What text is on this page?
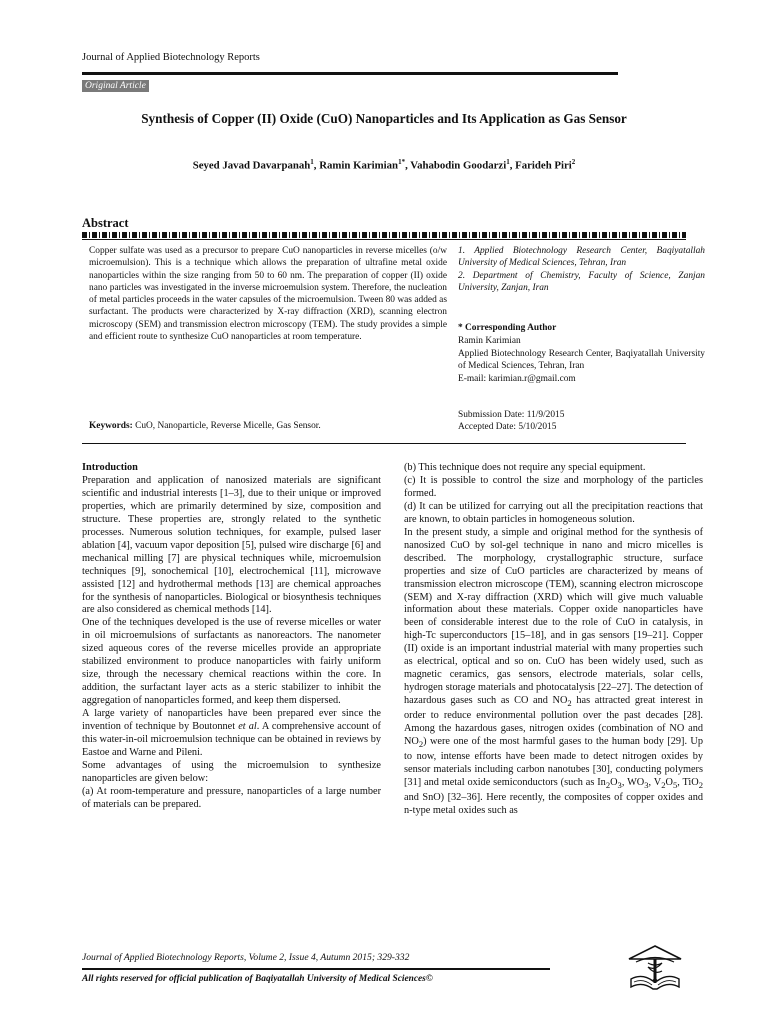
Journal of Applied Biotechnology Reports
Original Article
Synthesis of Copper (II) Oxide (CuO) Nanoparticles and Its Application as Gas Sensor
Seyed Javad Davarpanah$^1$, Ramin Karimian$^{1*}$, Vahabodin Goodarzi$^1$, Farideh Piri$^2$
Abstract
Copper sulfate was used as a precursor to prepare CuO nanoparticles in reverse micelles (o/w microemulsion). This is a technique which allows the preparation of ultrafine metal oxide nanoparticles within the size ranging from 50 to 60 nm. The preparation of copper (II) oxide nano particles was investigated in the inverse microemulsion system. Therefore, the nucleation of metal particles proceeds in the water capsules of the microemulsion. Tween 80 was added as surfactant. The products were characterized by X-ray diffraction (XRD), scanning electron microscopy (SEM) and transmission electron microscopy (TEM). The study provides a simple and efficient route to synthesize CuO nanoparticles at room temperature.
Keywords: CuO, Nanoparticle, Reverse Micelle, Gas Sensor.
1. Applied Biotechnology Research Center, Baqiyatallah University of Medical Sciences, Tehran, Iran
2. Department of Chemistry, Faculty of Science, Zanjan University, Zanjan, Iran
* Corresponding Author
Ramin Karimian
Applied Biotechnology Research Center, Baqiyatallah University of Medical Sciences, Tehran, Iran
E-mail: karimian.r@gmail.com
Submission Date: 11/9/2015
Accepted Date: 5/10/2015

Introduction

Preparation and application of nanosized materials are significant scientific and industrial interests [1–3], due to their unique or improved properties, which are primarily determined by size, composition and structure. These properties are, strongly related to the synthetic processes. Numerous solution techniques, for example, pulsed laser ablation [4], vacuum vapor deposition [5], pulsed wire discharge [6] and mechanical milling [7] are physical techniques while, microemulsion techniques [9], sonochemical [10], electrochemical [11], microwave assisted [12] and hydrothermal methods [13] are chemical approaches for the synthesis of nanoparticles. Biological or biosynthesis techniques are also considered as chemical methods [14].

One of the techniques developed is the use of reverse micelles or water in oil microemulsions of surfactants as nanoreactors. The nanometer sized aqueous cores of the reverse micelles provide an appropriate stabilized environment to produce nanoparticles with fairly uniform size, through the necessary chemical reactions within the core. In addition, the surfactant layer acts as a steric stabilizer to inhibit the aggregation of nanoparticles formed, and keep them dispersed.

A large variety of nanoparticles have been prepared ever since the invention of technique by Boutonnet et al. A comprehensive account of this water-in-oil microemulsion technique can be obtained in reviews by Eastoe and Warne and Pileni.

Some advantages of using the microemulsion to synthesize nanoparticles are given below:

(a) At room-temperature and pressure, nanoparticles of a large number of materials can be prepared.

(b) This technique does not require any special equipment.

(c) It is possible to control the size and morphology of the particles formed.

(d) It can be utilized for carrying out all the precipitation reactions that are known, to obtain particles in homogeneous solution.

In the present study, a simple and original method for the synthesis of nanosized CuO by sol-gel technique in nano and micro micelles is described. The morphology, crystallographic structure, surface properties and size of CuO particles are characterized by means of transmission electron microscope (TEM), scanning electron microscope (SEM) and X-ray diffraction (XRD) which will give much valuable information about these materials. Copper oxide nanoparticles have been of considerable interest due to the role of CuO in catalysis, in high-Tc superconductors [15–18], and in gas sensors [19–21]. Copper (II) oxide is an important industrial material with many properties such as electrical, optical and so on. CuO has been widely used, such as magnetic ceramics, gas sensors, electrode materials, solar cells, hydrogen storage materials and photocatalysis [22–27]. The detection of hazardous gases such as CO and $NO_2$ has attracted great interest in order to reduce environmental pollution over the past decades [28]. Among the hazardous gases, nitrogen oxides (combination of NO and $NO_2$) were one of the most harmful gases to the human body [29]. Up to now, intense efforts have been made to detect nitrogen oxides by sensor materials including carbon nanotubes [30], conducting polymers [31] and metal oxide semiconductors (such as $In_2O_3$, $WO_3$, $V_2O_5$, TiO$_2$ and SnO) [32–36]. Here recently, the composites of copper oxides and n-type metal oxides such as

Journal of Applied Biotechnology Reports, Volume 2, Issue 4, Autumn 2015; 329-332
All rights reserved for official publication of Baqiyatallah University of Medical Sciences©
